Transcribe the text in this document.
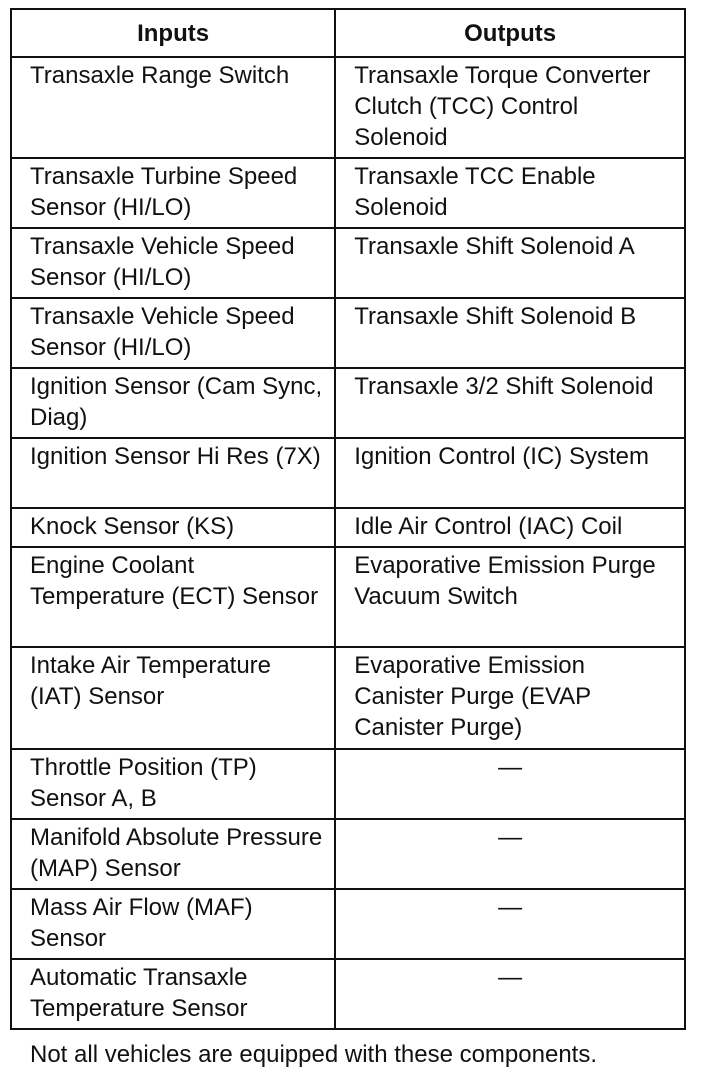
Inputs	Outputs
Transaxle Range Switch	Transaxle Torque Converter Clutch (TCC) Control Solenoid
Transaxle Turbine Speed Sensor (HI/LO)	Transaxle TCC Enable Solenoid
Transaxle Vehicle Speed Sensor (HI/LO)	Transaxle Shift Solenoid A
Transaxle Vehicle Speed Sensor (HI/LO)	Transaxle Shift Solenoid B
Ignition Sensor (Cam Sync, Diag)	Transaxle 3/2 Shift Solenoid
Ignition Sensor Hi Res (7X)	Ignition Control (IC) System
Knock Sensor (KS)	Idle Air Control (IAC) Coil
Engine Coolant Temperature (ECT) Sensor	Evaporative Emission Purge Vacuum Switch
Intake Air Temperature (IAT) Sensor	Evaporative Emission Canister Purge (EVAP Canister Purge)
Throttle Position (TP) Sensor A, B	—
Manifold Absolute Pressure (MAP) Sensor	—
Mass Air Flow (MAF) Sensor	—
Automatic Transaxle Temperature Sensor	—
Not all vehicles are equipped with these components.
